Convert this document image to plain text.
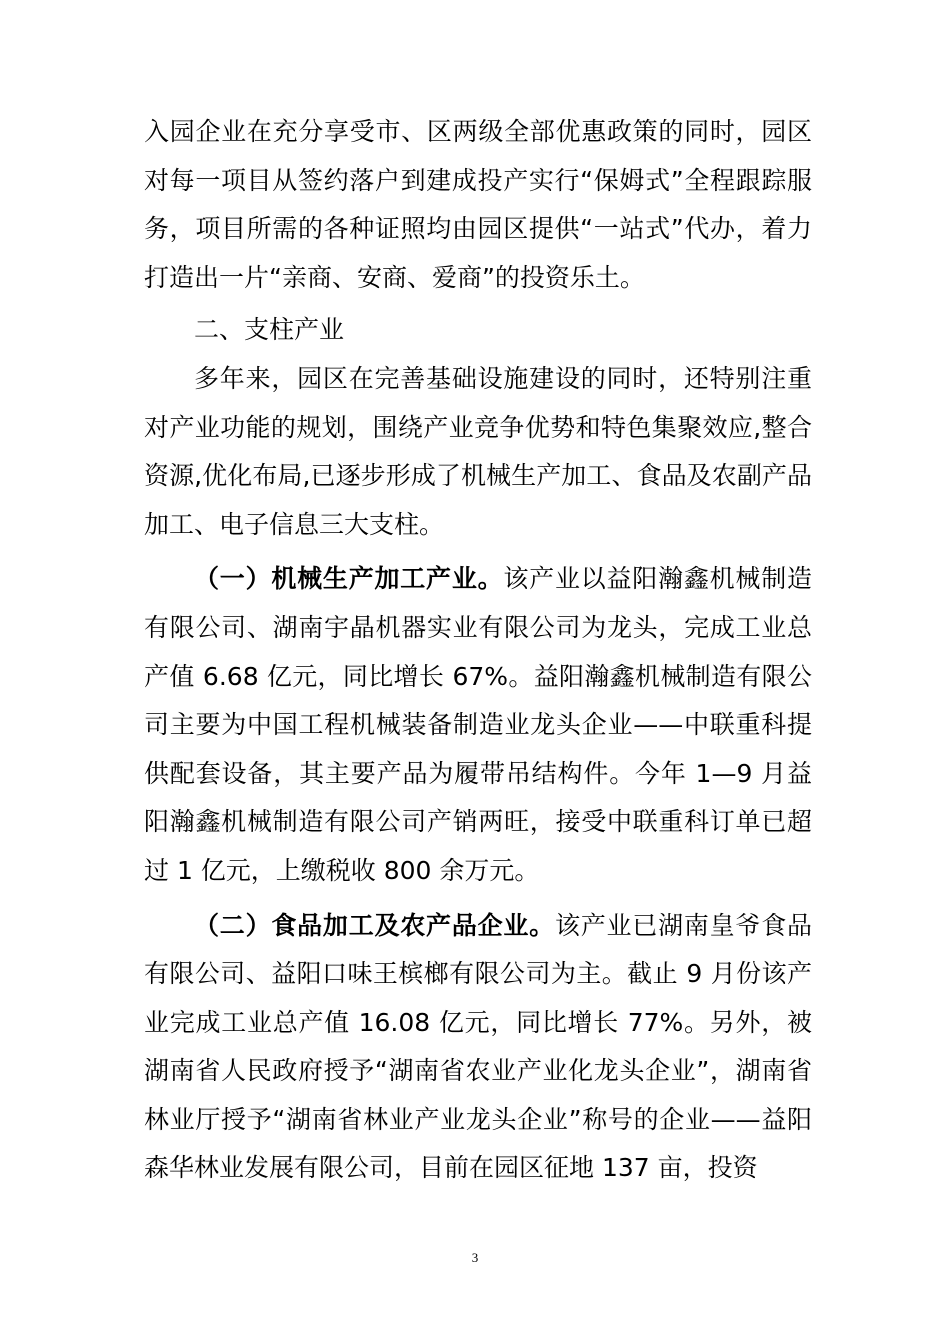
入园企业在充分享受市、区两级全部优惠政策的同时，园区对每一项目从签约落户到建成投产实行“保姆式”全程跟踪服务，项目所需的各种证照均由园区提供“一站式”代办，着力打造出一片“亲商、安商、爱商”的投资乐土。

二、支柱产业

多年来，园区在完善基础设施建设的同时，还特别注重对产业功能的规划，围绕产业竞争优势和特色集聚效应,整合资源,优化布局,已逐步形成了机械生产加工、食品及农副产品加工、电子信息三大支柱。

（一）机械生产加工产业。该产业以益阳瀚鑫机械制造有限公司、湖南宇晶机器实业有限公司为龙头，完成工业总产值 6.68 亿元，同比增长 67%。益阳瀚鑫机械制造有限公司主要为中国工程机械装备制造业龙头企业——中联重科提供配套设备，其主要产品为履带吊结构件。今年 1—9 月益阳瀚鑫机械制造有限公司产销两旺，接受中联重科订单已超过 1 亿元，上缴税收 800 余万元。

（二）食品加工及农产品企业。该产业已湖南皇爷食品有限公司、益阳口味王槟榔有限公司为主。截止 9 月份该产业完成工业总产值 16.08 亿元，同比增长 77%。另外，被湖南省人民政府授予“湖南省农业产业化龙头企业”，湖南省林业厅授予“湖南省林业产业龙头企业”称号的企业——益阳森华林业发展有限公司，目前在园区征地 137 亩，投资

3
